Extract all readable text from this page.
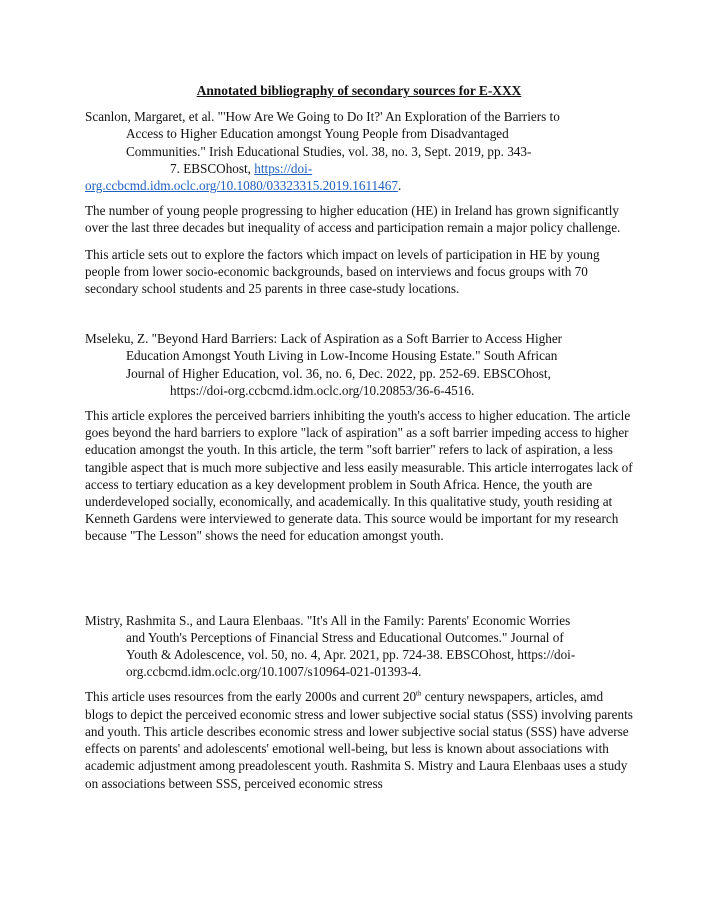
Annotated bibliography of secondary sources for E-XXX

Scanlon, Margaret, et al. "'How Are We Going to Do It?' An Exploration of the Barriers to
Access to Higher Education amongst Young People from Disadvantaged
Communities." Irish Educational Studies, vol. 38, no. 3, Sept. 2019, pp. 343-
7. EBSCOhost, https://doi-
org.ccbcmd.idm.oclc.org/10.1080/03323315.2019.1611467.

The number of young people progressing to higher education (HE) in Ireland has grown significantly over the last three decades but inequality of access and participation remain a major policy challenge.

This article sets out to explore the factors which impact on levels of participation in HE by young people from lower socio-economic backgrounds, based on interviews and focus groups with 70 secondary school students and 25 parents in three case-study locations.

Mseleku, Z. "Beyond Hard Barriers: Lack of Aspiration as a Soft Barrier to Access Higher
Education Amongst Youth Living in Low-Income Housing Estate." South African
Journal of Higher Education, vol. 36, no. 6, Dec. 2022, pp. 252-69. EBSCOhost,
https://doi-org.ccbcmd.idm.oclc.org/10.20853/36-6-4516.

This article explores the perceived barriers inhibiting the youth's access to higher education. The article goes beyond the hard barriers to explore "lack of aspiration" as a soft barrier impeding access to higher education amongst the youth. In this article, the term "soft barrier" refers to lack of aspiration, a less tangible aspect that is much more subjective and less easily measurable. This article interrogates lack of access to tertiary education as a key development problem in South Africa. Hence, the youth are underdeveloped socially, economically, and academically. In this qualitative study, youth residing at Kenneth Gardens were interviewed to generate data. This source would be important for my research because "The Lesson" shows the need for education amongst youth.

Mistry, Rashmita S., and Laura Elenbaas. "It's All in the Family: Parents' Economic Worries
and Youth's Perceptions of Financial Stress and Educational Outcomes." Journal of
Youth & Adolescence, vol. 50, no. 4, Apr. 2021, pp. 724-38. EBSCOhost, https://doi-
org.ccbcmd.idm.oclc.org/10.1007/s10964-021-01393-4.

This article uses resources from the early 2000s and current 20th century newspapers, articles, amd blogs to depict the perceived economic stress and lower subjective social status (SSS) involving parents and youth. This article describes economic stress and lower subjective social status (SSS) have adverse effects on parents' and adolescents' emotional well-being, but less is known about associations with academic adjustment among preadolescent youth. Rashmita S. Mistry and Laura Elenbaas uses a study on associations between SSS, perceived economic stress
